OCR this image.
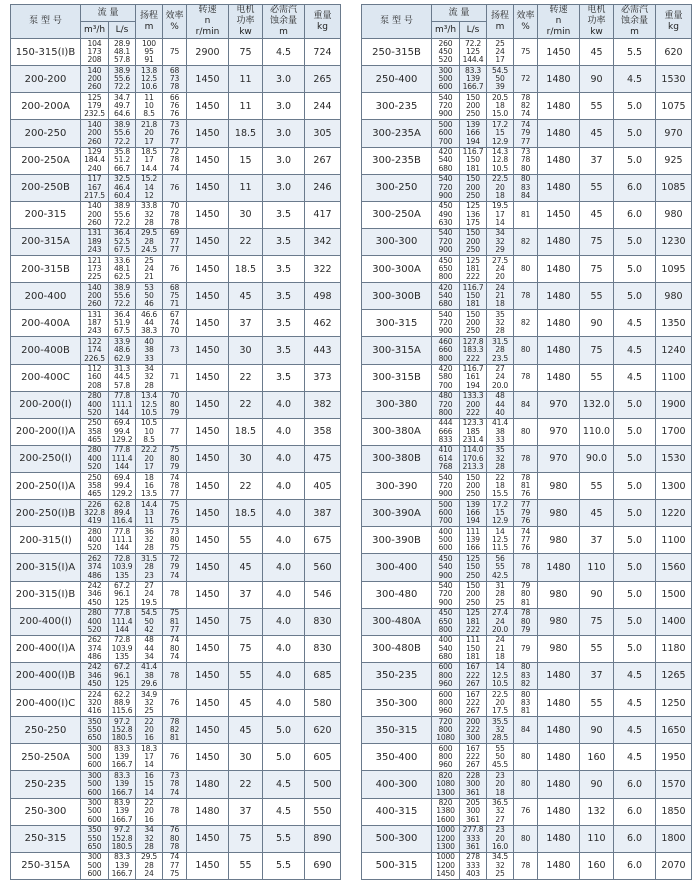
泵 型 号	流 量		扬程
m	效率
%	转速
n
r/min	电机
功率
kw	必需汽
蚀余量
m	重量
kg
	m³/h	L/s						
150-315(I)B	104
173
208	28.9
48.1
57.8	100
95
91	75	2900	75	4.5	724
200-200	140
200
260	38.9
55.6
72.2	13.8
12.5
10.6	68
73
78	1450	11	3.0	265
200-200A	125
179
232.5	34.7
49.7
64.6	11
10
8.5	66
76
76	1450	11	3.0	244
200-250	140
200
260	38.9
55.6
72.2	21.8
20
17	73
76
77	1450	18.5	3.0	305
200-250A	129
184.4
240	35.8
51.2
66.7	18.5
17
14.4	72
78
74	1450	15	3.0	267
200-250B	117
167
217.5	32.5
46.4
60.4	15.2
14
12	76	1450	11	3.0	246
200-315	140
200
260	38.9
55.6
72.2	33.8
32
28	70
78
78	1450	30	3.5	417
200-315A	131
189
243	36.4
52.5
67.5	29.5
28
24.5	69
77
77	1450	22	3.5	342
200-315B	121
173
225	33.6
48.1
62.5	25
24
21	76	1450	18.5	3.5	322
200-400	140
200
260	38.9
55.6
72.2	53
50
46	68
75
71	1450	45	3.5	498
200-400A	131
187
243	36.4
51.9
67.5	46.6
44
38.3	67
74
70	1450	37	3.5	462
200-400B	122
174
226.5	33.9
48.6
62.9	40
38
33	73	1450	30	3.5	443
200-400C	112
160
208	31.3
44.5
57.8	34
32
28	71	1450	22	3.5	373
200-200(I)	280
400
520	77.8
111.1
144	13.4
12.5
10.5	70
80
79	1450	22	4.0	382
200-200(I)A	250
358
465	69.4
99.4
129.2	10.5
10
8.5	77	1450	18.5	4.0	358
200-250(I)	280
400
520	77.8
111.4
144	22.2
20
17	75
80
79	1450	30	4.0	475
200-250(I)A	250
358
465	69.4
99.4
129.2	18
16
13.5	74
78
77	1450	22	4.0	405
200-250(I)B	226
322.8
419	62.8
89.4
116.4	14.4
13
11	75
76
75	1450	18.5	4.0	387
200-315(I)	280
400
520	77.8
111.1
144	36
32
28	73
80
75	1450	55	4.0	675
200-315(I)A	262
374
486	72.8
103.9
135	31.5
28
23	72
79
74	1450	45	4.0	560
200-315(I)B	242
346
450	67.2
96.1
125	27
24
19.5	78	1450	37	4.0	546
200-400(I)	280
400
520	77.8
111.4
144	54.5
50
42	75
81
77	1450	75	4.0	830
200-400(I)A	262
374
486	72.8
103.9
135	48
44
34	74
80
74	1450	75	4.0	830
200-400(I)B	242
346
450	67.2
96.1
125	41.4
38
29.6	78	1450	55	4.0	685
200-400(I)C	224
320
416	62.2
88.9
115.6	34.9
32
25	76	1450	45	4.0	580
250-250	350
550
650	97.2
152.8
180.5	22
20
16	78
82
81	1450	45	5.0	620
250-250A	300
500
600	83.3
139
166.7	18.3
17
14	76	1450	30	5.0	605
250-235	300
500
600	83.3
139
166.7	16
15
14	73
78
74	1480	22	4.5	500
250-300	300
500
600	83.9
139
166.7	22
20
16	78	1480	37	4.5	550
250-315	350
550
650	97.2
152.8
180.5	34
32
28	76
80
78	1450	75	5.5	890
250-315A	300
500
600	83.3
139
166.7	29.5
28
24	74
77
75	1450	55	5.5	690
泵 型 号	流 量		扬程
m	效率
%	转速
n
r/min	电机
功率
kw	必需汽
蚀余量
m	重量
kg
	m³/h	L/s						
250-315B	260
450
520	72.2
125
144.4	25
24
17	75	1450	45	5.5	620
250-400	300
500
600	83.3
139
166.7	54.5
50
39	72	1480	90	4.5	1530
300-235	540
720
900	150
200
250	20.5
18
15.0	78
82
74	1480	55	5.0	1075
300-235A	500
600
700	139
166
194	17.2
15
12.9	74
79
77	1480	45	5.0	970
300-235B	420
540
680	116.7
150
181	14.3
12.8
10.5	73
78
80	1480	37	5.0	925
300-250	540
720
900	150
200
250	22.5
20
18	80
83
84	1480	55	6.0	1085
300-250A	450
490
630	125
136
175	19.5
17
14	81	1450	45	6.0	980
300-300	540
720
900	150
200
250	34
32
29	82	1480	75	5.0	1230
300-300A	450
650
800	125
181
222	27.5
24
20	80	1480	75	5.0	1095
300-300B	420
540
680	116.7
150
181	24
21
18	78	1480	55	5.0	980
300-315	540
720
900	150
200
250	35
32
28	82	1480	90	4.5	1350
300-315A	460
660
800	127.8
183.3
222	31.5
28
23.5	80	1480	75	4.5	1240
300-315B	420
580
700	116.7
161
194	27
24
20.0	78	1480	55	4.5	1100
300-380	480
720
800	133.3
200
222	48
44
40	84	970	132.0	5.0	1900
300-380A	444
666
833	123.3
185
231.4	41.4
38
33	80	970	110.0	5.0	1700
300-380B	410
614
768	114.0
170.6
213.3	35
32
28	78	970	90.0	5.0	1530
300-390	540
720
900	150
200
250	22
18
15.5	78
81
76	980	55	5.0	1300
300-390A	500
600
700	139
166
194	17.2
15
12.9	77
79
76	980	45	5.0	1220
300-390B	400
500
600	111
139
166	14
12.5
11.5	74
77
76	980	37	5.0	1100
300-400	450
540
900	125
150
250	56
55
42.5	78	1480	110	5.0	1560
300-480	540
720
900	150
200
250	31
28
25	79
80
81	980	90	5.0	1500
300-480A	450
650
800	125
181
222	27.4
24
20.0	78
80
79	980	75	5.0	1400
300-480B	400
540
680	111
150
181	24
21
18	79	980	55	5.0	1180
350-235	600
800
960	167
222
267	14
12.5
10.5	80
83
82	1480	37	4.5	1265
350-300	600
800
960	167
222
267	22.5
20
17.5	80
83
81	1480	55	4.5	1250
350-315	720
800
1080	200
222
300	35.5
32
28.5	84	1480	90	4.5	1650
350-400	600
800
960	167
222
267	55
50
45.5	80	1480	160	4.5	1950
400-300	820
1080
1300	228
300
361	23
20
18	80	1480	90	6.0	1570
400-315	820
1380
1600	205
300
361	36.5
32
27	76	1480	132	6.0	1850
500-300	1000
1200
1300	277.8
333
361	23
20
16.0	80	1480	110	6.0	1800
500-315	1000
1200
1450	278
333
403	34.5
32
25	78	1480	160	6.0	2070
